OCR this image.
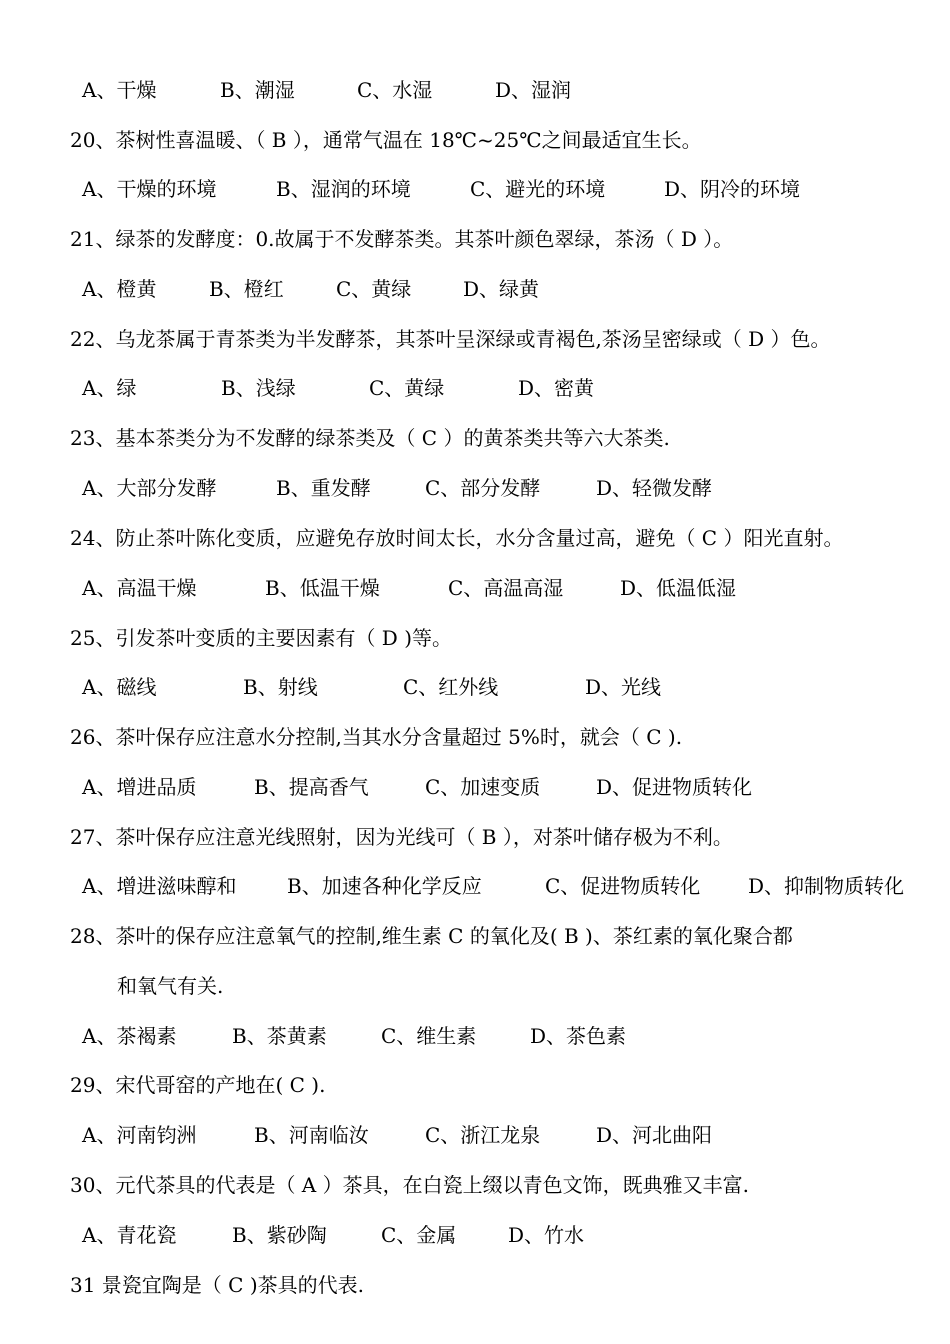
A、干燥	B、潮湿	C、水湿	D、湿润
20、茶树性喜温暖、（ B ），通常气温在 18℃~25℃之间最适宜生长。
A、干燥的环境	B、湿润的环境	C、避光的环境	D、阴冷的环境
21、绿茶的发酵度：0.故属于不发酵茶类。其茶叶颜色翠绿，茶汤（ D ）。
A、橙黄	B、橙红	C、黄绿	D、绿黄
22、乌龙茶属于青茶类为半发酵茶，其茶叶呈深绿或青褐色,茶汤呈密绿或（ D ）色。
A、绿	B、浅绿	C、黄绿	D、密黄
23、基本茶类分为不发酵的绿茶类及（ C ）的黄茶类共等六大茶类.
A、大部分发酵	B、重发酵	C、部分发酵	D、轻微发酵
24、防止茶叶陈化变质，应避免存放时间太长，水分含量过高，避免（ C ）阳光直射。
A、高温干燥	B、低温干燥	C、高温高湿	D、低温低湿
25、引发茶叶变质的主要因素有（ D )等。
A、磁线	B、射线	C、红外线	D、光线
26、茶叶保存应注意水分控制,当其水分含量超过 5%时，就会（ C ).
A、增进品质	B、提高香气	C、加速变质	D、促进物质转化
27、茶叶保存应注意光线照射，因为光线可（ B ），对茶叶储存极为不利。
A、增进滋味醇和	B、加速各种化学反应	C、促进物质转化 D、抑制物质转化
28、茶叶的保存应注意氧气的控制,维生素 C 的氧化及( B )、茶红素的氧化聚合都
和氧气有关.
A、茶褐素	B、茶黄素	C、维生素	D、茶色素
29、宋代哥窑的产地在( C ).
A、河南钧洲	B、河南临汝	C、浙江龙泉	D、河北曲阳
30、元代茶具的代表是（ A ）茶具，在白瓷上缀以青色文饰，既典雅又丰富.
A、青花瓷	B、紫砂陶	C、金属	D、竹水
31 景瓷宜陶是（ C )茶具的代表.
